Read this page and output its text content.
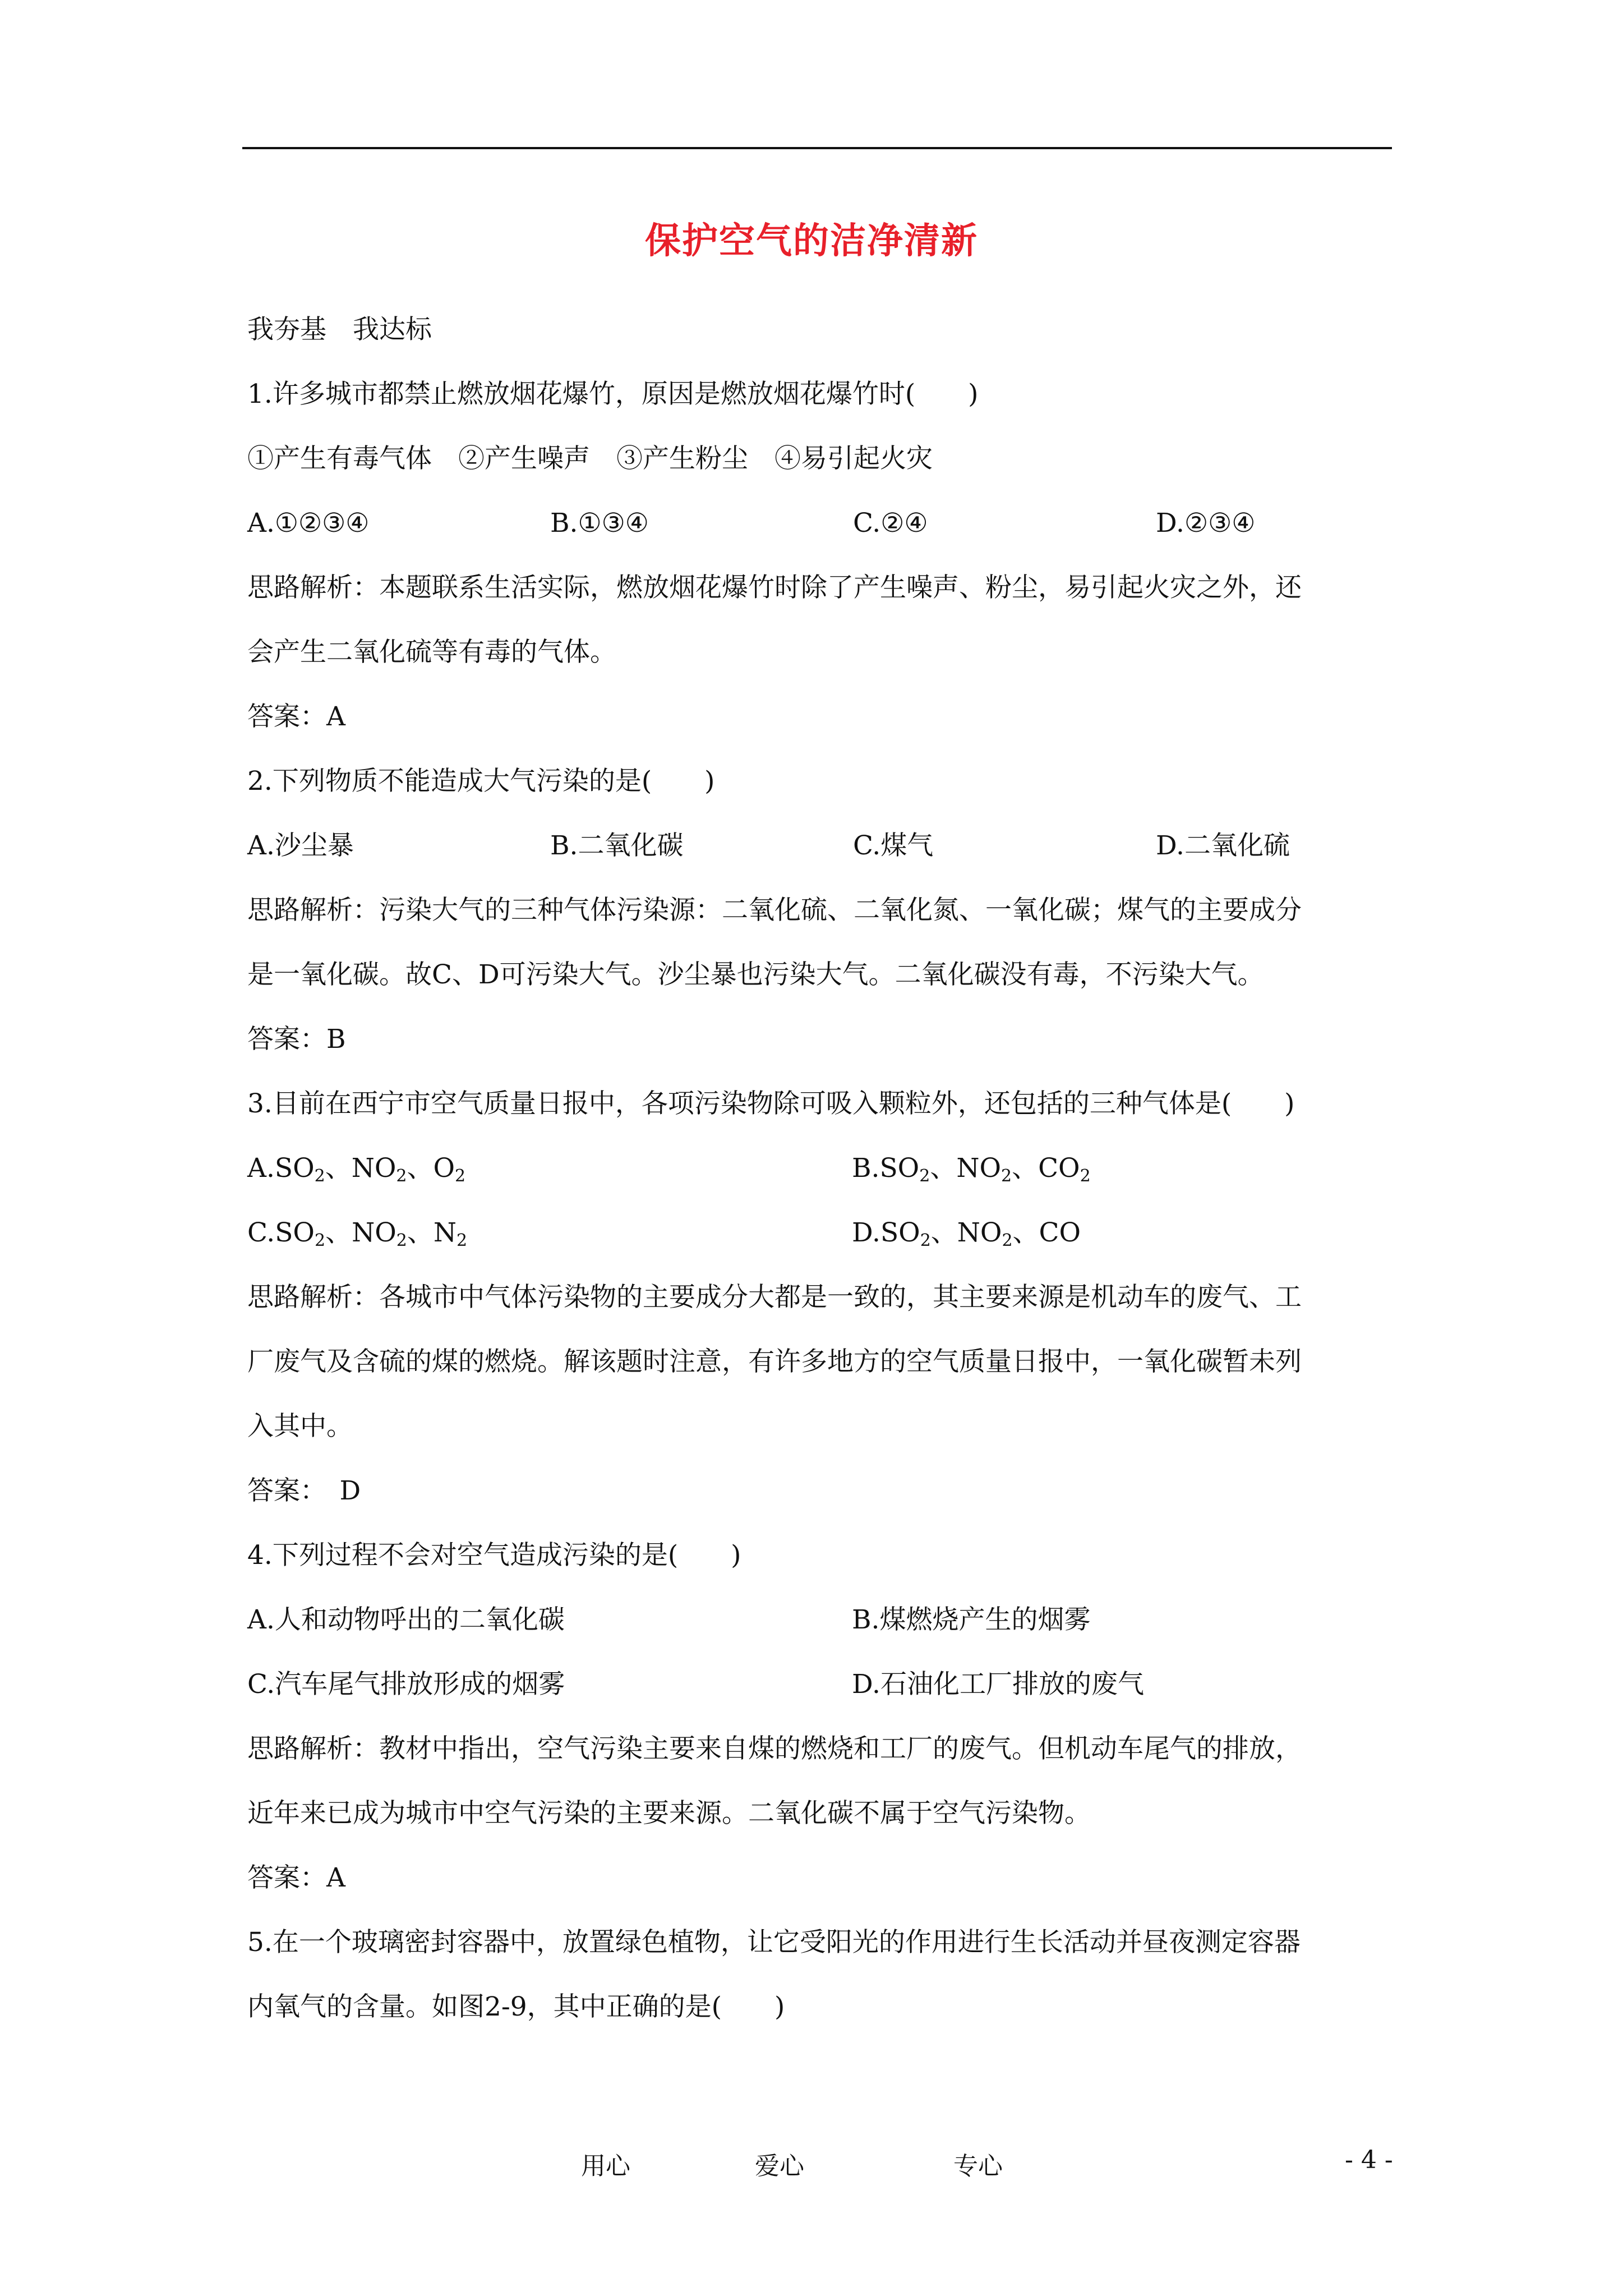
保护空气的洁净清新
我夯基　我达标
1.许多城市都禁止燃放烟花爆竹，原因是燃放烟花爆竹时(　　)
①产生有毒气体　②产生噪声　③产生粉尘　④易引起火灾
A.①②③④	B.①③④	C.②④	D.②③④
思路解析：本题联系生活实际，燃放烟花爆竹时除了产生噪声、粉尘，易引起火灾之外，还
会产生二氧化硫等有毒的气体。
答案：A
2.下列物质不能造成大气污染的是(　　)
A.沙尘暴	B.二氧化碳	C.煤气	D.二氧化硫
思路解析：污染大气的三种气体污染源：二氧化硫、二氧化氮、一氧化碳；煤气的主要成分
是一氧化碳。故C、D可污染大气。沙尘暴也污染大气。二氧化碳没有毒，不污染大气。
答案：B
3.目前在西宁市空气质量日报中，各项污染物除可吸入颗粒外，还包括的三种气体是(　　)
$A.SO_2$、$NO_2$、$O_2$	$B.SO_2$、$NO_2$、$CO_2$
$C.SO_2$、$NO_2$、$N_2$	$D.SO_2$、$NO_2$、CO
思路解析：各城市中气体污染物的主要成分大都是一致的，其主要来源是机动车的废气、工
厂废气及含硫的煤的燃烧。解该题时注意，有许多地方的空气质量日报中，一氧化碳暂未列
入其中。
答案：　D
4.下列过程不会对空气造成污染的是(　　)
A.人和动物呼出的二氧化碳	B.煤燃烧产生的烟雾
C.汽车尾气排放形成的烟雾	D.石油化工厂排放的废气
思路解析：教材中指出，空气污染主要来自煤的燃烧和工厂的废气。但机动车尾气的排放，
近年来已成为城市中空气污染的主要来源。二氧化碳不属于空气污染物。
答案：A
5.在一个玻璃密封容器中，放置绿色植物，让它受阳光的作用进行生长活动并昼夜测定容器
内氧气的含量。如图2-9，其中正确的是(　　)
用心	爱心	专心	- 4 -
